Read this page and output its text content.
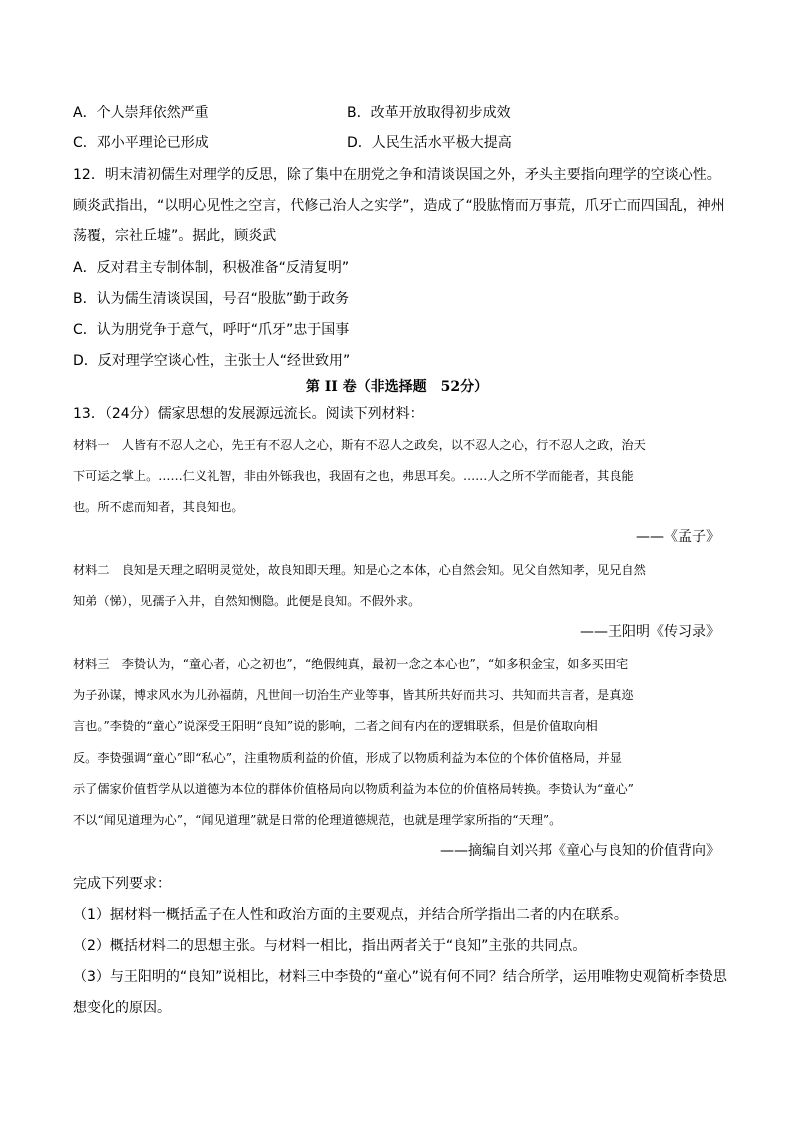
A．个人崇拜依然严重	B．改革开放取得初步成效
C．邓小平理论已形成	D．人民生活水平极大提高
12．明末清初儒生对理学的反思，除了集中在朋党之争和清谈误国之外，矛头主要指向理学的空谈心性。
顾炎武指出，“以明心见性之空言，代修己治人之实学”，造成了“股肱惰而万事荒，爪牙亡而四国乱，神州
荡覆，宗社丘墟”。据此，顾炎武
A．反对君主专制体制，积极准备“反清复明”
B．认为儒生清谈误国，号召“股肱”勤于政务
C．认为朋党争于意气，呼吁“爪牙”忠于国事
D．反对理学空谈心性，主张士人“经世致用”
第 II 卷（非选择题　52分）
13．（24分）儒家思想的发展源远流长。阅读下列材料：
材料一　人皆有不忍人之心，先王有不忍人之心，斯有不忍人之政矣，以不忍人之心，行不忍人之政，治天
下可运之掌上。……仁义礼智，非由外铄我也，我固有之也，弗思耳矣。……人之所不学而能者，其良能
也。所不虑而知者，其良知也。
——《孟子》
材料二　良知是天理之昭明灵觉处，故良知即天理。知是心之本体，心自然会知。见父自然知孝，见兄自然
知弟（悌），见孺子入井，自然知恻隐。此便是良知。不假外求。
——王阳明《传习录》
材料三　李贽认为，“童心者，心之初也”，“绝假纯真，最初一念之本心也”，“如多积金宝，如多买田宅
为子孙谋，博求风水为儿孙福荫，凡世间一切治生产业等事，皆其所共好而共习、共知而共言者，是真迩
言也。”李贽的“童心”说深受王阳明“良知”说的影响，二者之间有内在的逻辑联系，但是价值取向相
反。李贽强调“童心”即“私心”，注重物质利益的价值，形成了以物质利益为本位的个体价值格局，并显
示了儒家价值哲学从以道德为本位的群体价值格局向以物质利益为本位的价值格局转换。李贽认为“童心”
不以“闻见道理为心”，“闻见道理”就是日常的伦理道德规范，也就是理学家所指的“天理”。
——摘编自刘兴邦《童心与良知的价值背向》
完成下列要求：
（1）据材料一概括孟子在人性和政治方面的主要观点，并结合所学指出二者的内在联系。
（2）概括材料二的思想主张。与材料一相比，指出两者关于“良知”主张的共同点。
（3）与王阳明的“良知”说相比，材料三中李贽的“童心”说有何不同？结合所学，运用唯物史观简析李贽思
想变化的原因。
